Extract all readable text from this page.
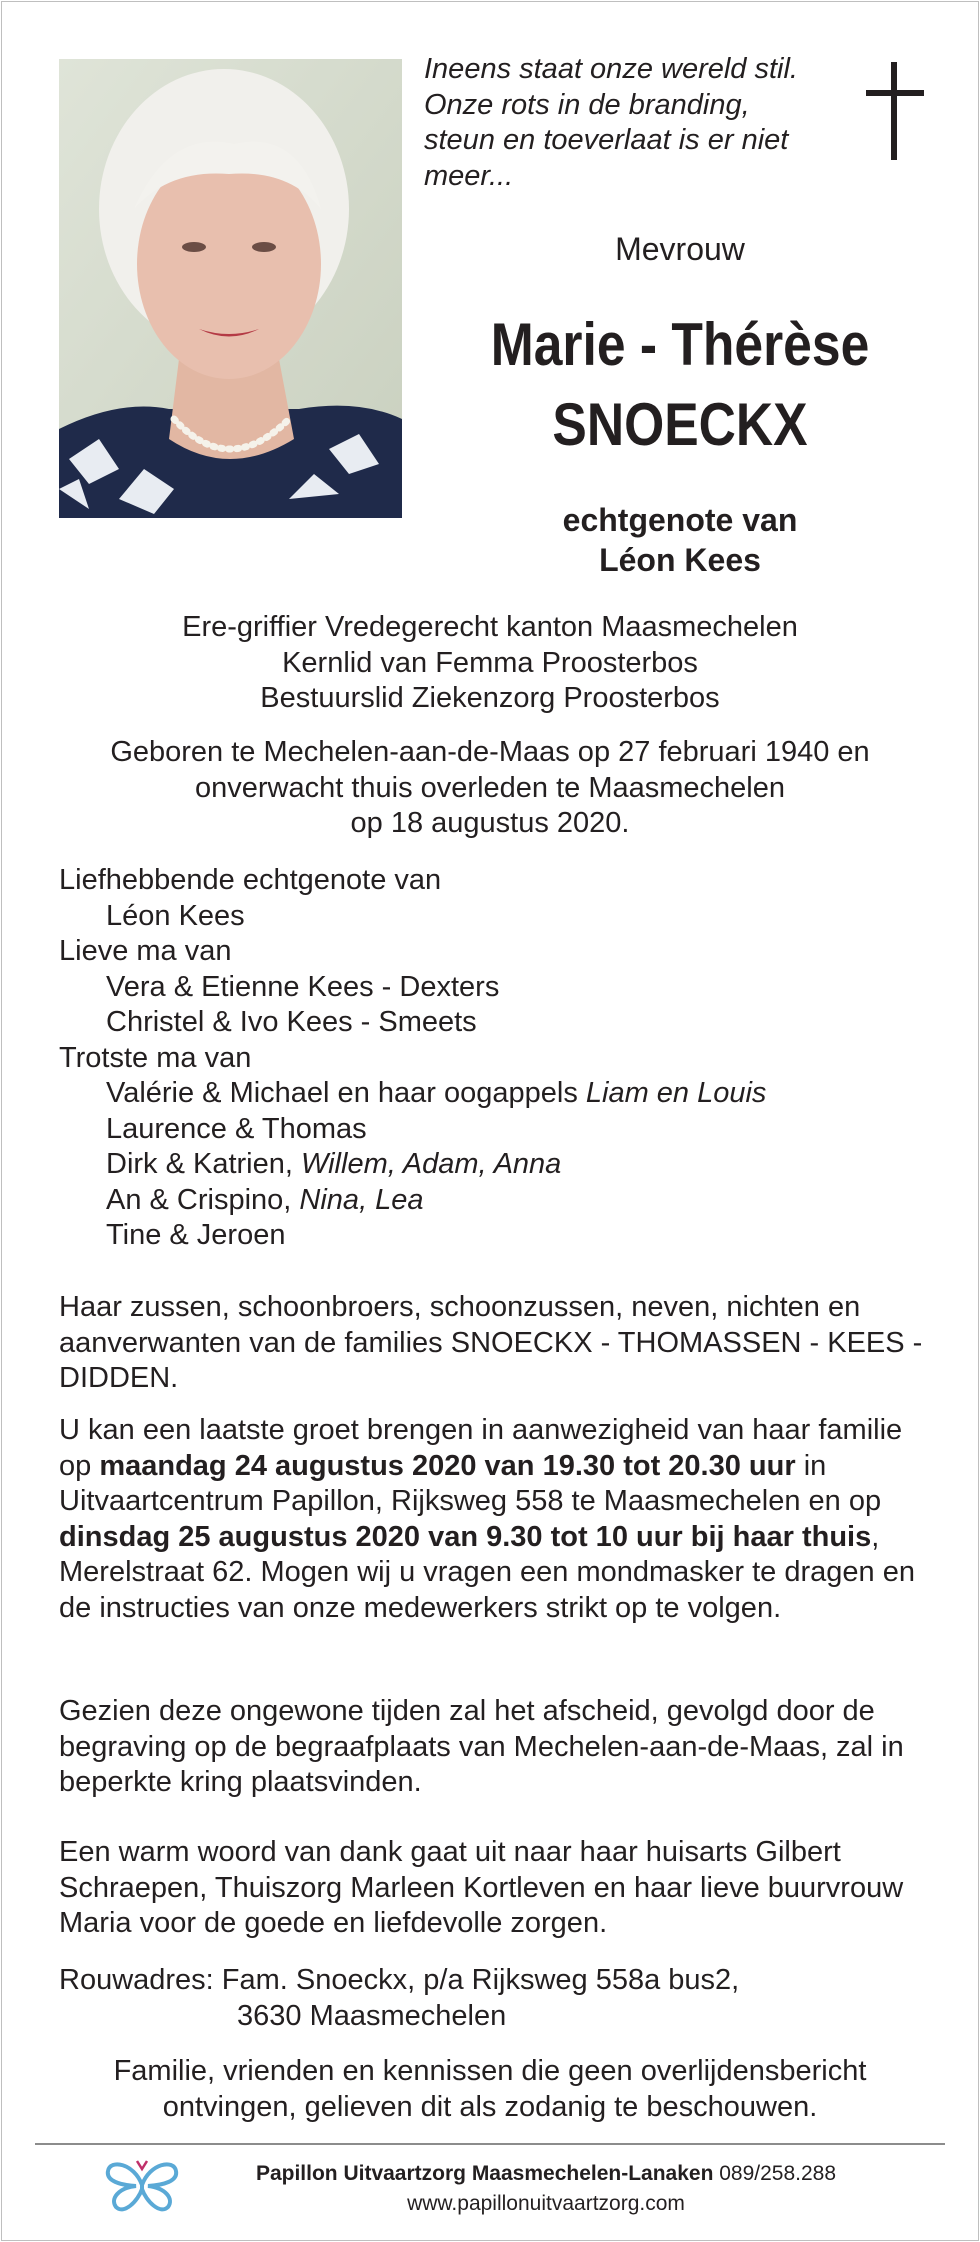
Ineens staat onze wereld stil.
Onze rots in de branding,
steun en toeverlaat is er niet
meer...
Mevrouw
Marie - Thérèse
SNOECKX
echtgenote van
Léon Kees
Ere-griffier Vredegerecht kanton Maasmechelen
Kernlid van Femma Proosterbos
Bestuurslid Ziekenzorg Proosterbos
Geboren te Mechelen-aan-de-Maas op 27 februari 1940 en
onverwacht thuis overleden te Maasmechelen
op 18 augustus 2020.
Liefhebbende echtgenote van
Léon Kees
Lieve ma van
Vera & Etienne Kees - Dexters
Christel & Ivo Kees - Smeets
Trotste ma van
Valérie & Michael en haar oogappels Liam en Louis
Laurence & Thomas
Dirk & Katrien, Willem, Adam, Anna
An & Crispino, Nina, Lea
Tine & Jeroen
Haar zussen, schoonbroers, schoonzussen, neven, nichten en aanverwanten van de families SNOECKX - THOMASSEN - KEES - DIDDEN.
U kan een laatste groet brengen in aanwezigheid van haar familie op maandag 24 augustus 2020 van 19.30 tot 20.30 uur in Uitvaartcentrum Papillon, Rijksweg 558 te Maasmechelen en op dinsdag 25 augustus 2020 van 9.30 tot 10 uur bij haar thuis, Merelstraat 62. Mogen wij u vragen een mondmasker te dragen en de instructies van onze medewerkers strikt op te volgen.
Gezien deze ongewone tijden zal het afscheid, gevolgd door de begraving op de begraafplaats van Mechelen-aan-de-Maas, zal in beperkte kring plaatsvinden.
Een warm woord van dank gaat uit naar haar huisarts Gilbert Schraepen, Thuiszorg Marleen Kortleven en haar lieve buurvrouw Maria voor de goede en liefdevolle zorgen.
Rouwadres: Fam. Snoeckx, p/a Rijksweg 558a bus2,
3630 Maasmechelen
Familie, vrienden en kennissen die geen overlijdensbericht
ontvingen, gelieven dit als zodanig te beschouwen.
Papillon Uitvaartzorg Maasmechelen-Lanaken 089/258.288
www.papillonuitvaartzorg.com
